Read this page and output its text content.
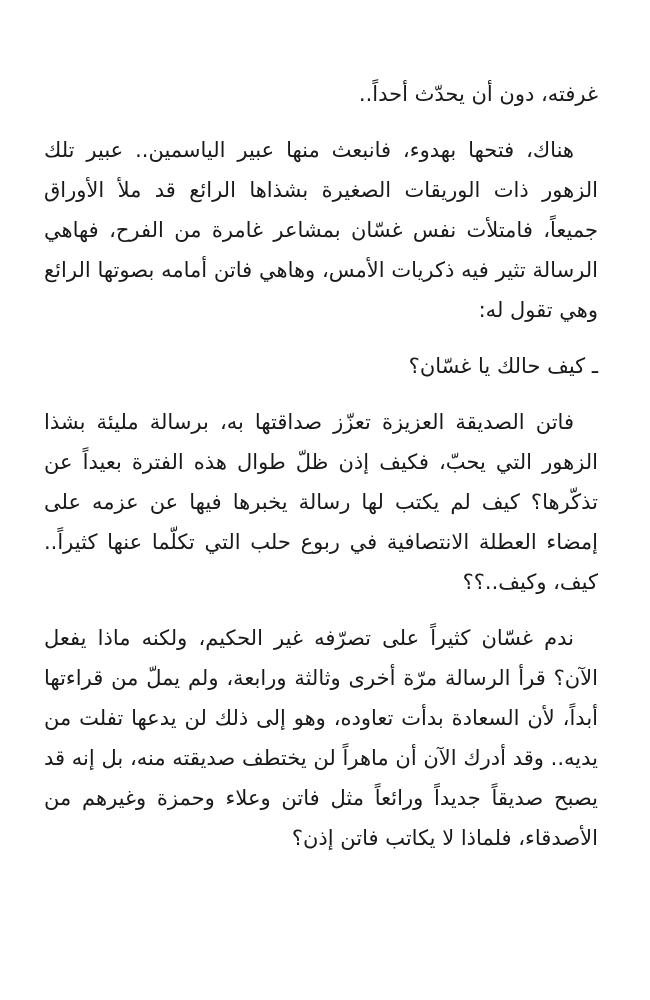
غرفته، دون أن يحدّث أحداً..

هناك، فتحها بهدوء، فانبعث منها عبير الياسمين.. عبير تلك الزهور ذات الوريقات الصغيرة بشذاها الرائع قد ملأ الأوراق جميعاً، فامتلأت نفس غسّان بمشاعر غامرة من الفرح، فهاهي الرسالة تثير فيه ذكريات الأمس، وهاهي فاتن أمامه بصوتها الرائع وهي تقول له:

ـ كيف حالك يا غسّان؟

فاتن الصديقة العزيزة تعزّز صداقتها به، برسالة مليئة بشذا الزهور التي يحبّ، فكيف إذن ظلّ طوال هذه الفترة بعيداً عن تذكّرها؟ كيف لم يكتب لها رسالة يخبرها فيها عن عزمه على إمضاء العطلة الانتصافية في ربوع حلب التي تكلّما عنها كثيراً.. كيف، وكيف..؟؟

ندم غسّان كثيراً على تصرّفه غير الحكيم، ولكنه ماذا يفعل الآن؟ قرأ الرسالة مرّة أخرى وثالثة ورابعة، ولم يملّ من قراءتها أبداً، لأن السعادة بدأت تعاوده، وهو إلى ذلك لن يدعها تفلت من يديه.. وقد أدرك الآن أن ماهراً لن يختطف صديقته منه، بل إنه قد يصبح صديقاً جديداً ورائعاً مثل فاتن وعلاء وحمزة وغيرهم من الأصدقاء، فلماذا لا يكاتب فاتن إذن؟
